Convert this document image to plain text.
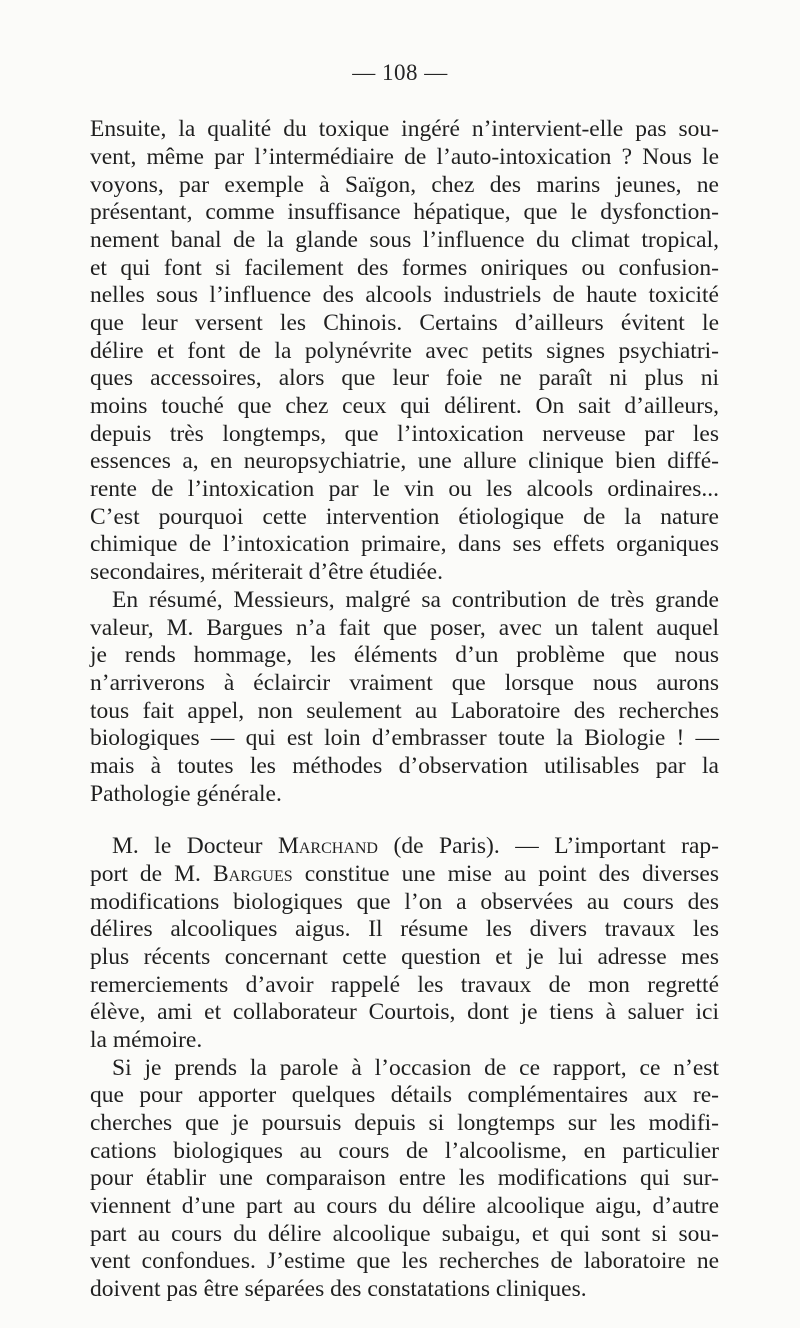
— 108 —
Ensuite, la qualité du toxique ingéré n’intervient-elle pas sou-
vent, même par l’intermédiaire de l’auto-intoxication ? Nous le
voyons, par exemple à Saïgon, chez des marins jeunes, ne
présentant, comme insuffisance hépatique, que le dysfonction-
nement banal de la glande sous l’influence du climat tropical,
et qui font si facilement des formes oniriques ou confusion-
nelles sous l’influence des alcools industriels de haute toxicité
que leur versent les Chinois. Certains d’ailleurs évitent le
délire et font de la polynévrite avec petits signes psychiatri-
ques accessoires, alors que leur foie ne paraît ni plus ni
moins touché que chez ceux qui délirent. On sait d’ailleurs,
depuis très longtemps, que l’intoxication nerveuse par les
essences a, en neuropsychiatrie, une allure clinique bien diffé-
rente de l’intoxication par le vin ou les alcools ordinaires...
C’est pourquoi cette intervention étiologique de la nature
chimique de l’intoxication primaire, dans ses effets organiques
secondaires, mériterait d’être étudiée.
En résumé, Messieurs, malgré sa contribution de très grande
valeur, M. Bargues n’a fait que poser, avec un talent auquel
je rends hommage, les éléments d’un problème que nous
n’arriverons à éclaircir vraiment que lorsque nous aurons
tous fait appel, non seulement au Laboratoire des recherches
biologiques — qui est loin d’embrasser toute la Biologie ! —
mais à toutes les méthodes d’observation utilisables par la
Pathologie générale.
M. le Docteur Marchand (de Paris). — L’important rap-
port de M. Bargues constitue une mise au point des diverses
modifications biologiques que l’on a observées au cours des
délires alcooliques aigus. Il résume les divers travaux les
plus récents concernant cette question et je lui adresse mes
remerciements d’avoir rappelé les travaux de mon regretté
élève, ami et collaborateur Courtois, dont je tiens à saluer ici
la mémoire.
Si je prends la parole à l’occasion de ce rapport, ce n’est
que pour apporter quelques détails complémentaires aux re-
cherches que je poursuis depuis si longtemps sur les modifi-
cations biologiques au cours de l’alcoolisme, en particulier
pour établir une comparaison entre les modifications qui sur-
viennent d’une part au cours du délire alcoolique aigu, d’autre
part au cours du délire alcoolique subaigu, et qui sont si sou-
vent confondues. J’estime que les recherches de laboratoire ne
doivent pas être séparées des constatations cliniques.
